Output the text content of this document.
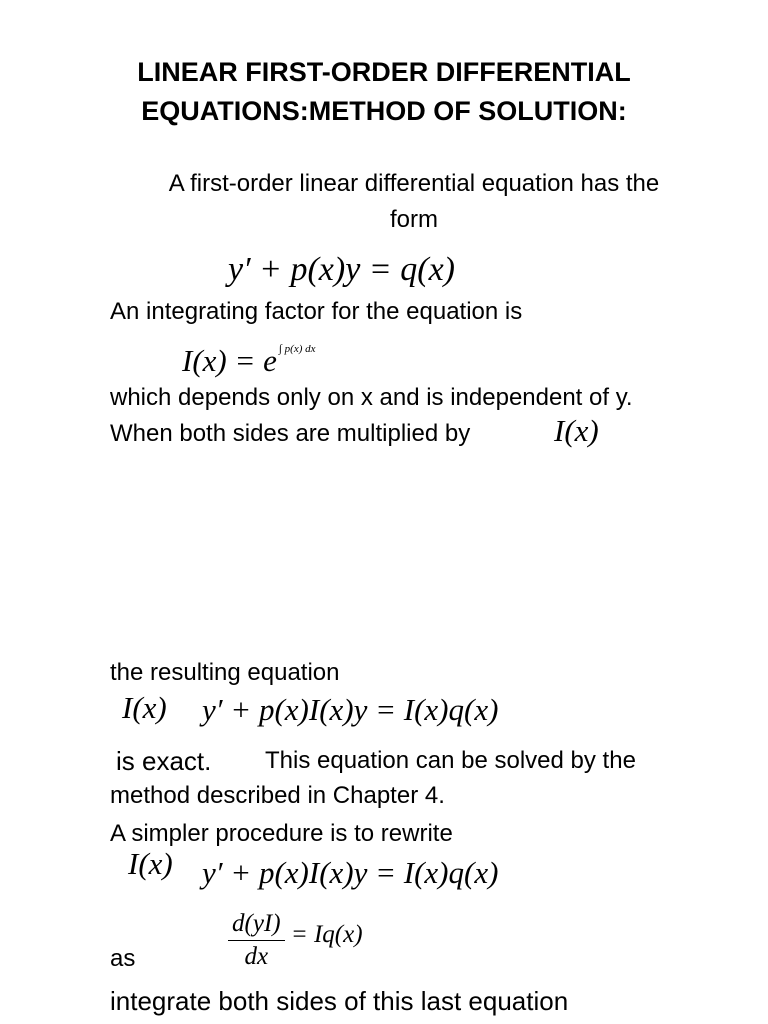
LINEAR FIRST-ORDER DIFFERENTIAL
EQUATIONS:METHOD OF SOLUTION:
A first-order linear differential equation has the
form
y′ + p(x)y = q(x)
An integrating factor for the equation is
I(x) = e $^{\int p(x) dx}$
which depends only on x and is independent of y.
When both sides are multiplied by	I(x)
the resulting equation
I(x) y′ + p(x)I(x)y = I(x)q(x)
is exact. This equation can be solved by the
method described in Chapter 4.
A simpler procedure is to rewrite
I(x) y′ + p(x)I(x)y = I(x)q(x)
as	$\frac{d(yI)}{dx} = Iq(x)$
integrate both sides of this last equation
